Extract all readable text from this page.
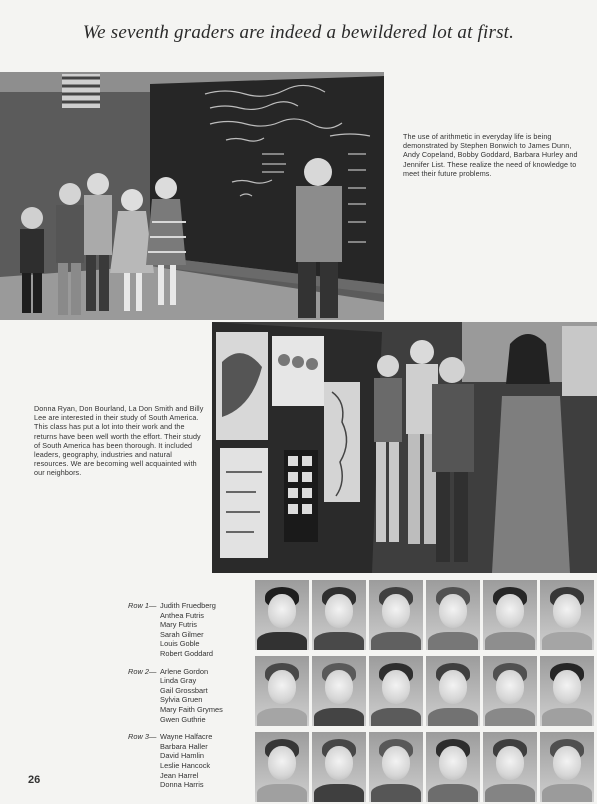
We seventh graders are indeed a bewildered lot at first.
The use of arithmetic in everyday life is being demonstrated by Stephen Bonwich to James Dunn, Andy Copeland, Bobby Goddard, Barbara Hurley and Jennifer List. These realize the need of knowledge to meet their future problems.
Donna Ryan, Don Bourland, La Don Smith and Billy Lee are interested in their study of South America. This class has put a lot into their work and the returns have been well worth the effort. Their study of South America has been thorough. It included leaders, geography, industries and natural resources. We are becoming well acquainted with our neighbors.
Row 1— Judith Fruedberg
Anthea Futris
Mary Futris
Sarah Gilmer
Louis Goble
Robert Goddard
Row 2— Arlene Gordon
Linda Gray
Gail Grossbart
Sylvia Gruen
Mary Faith Grymes
Gwen Guthrie
Row 3— Wayne Halfacre
Barbara Haller
David Hamlin
Leslie Hancock
Jean Harrel
Donna Harris
26
